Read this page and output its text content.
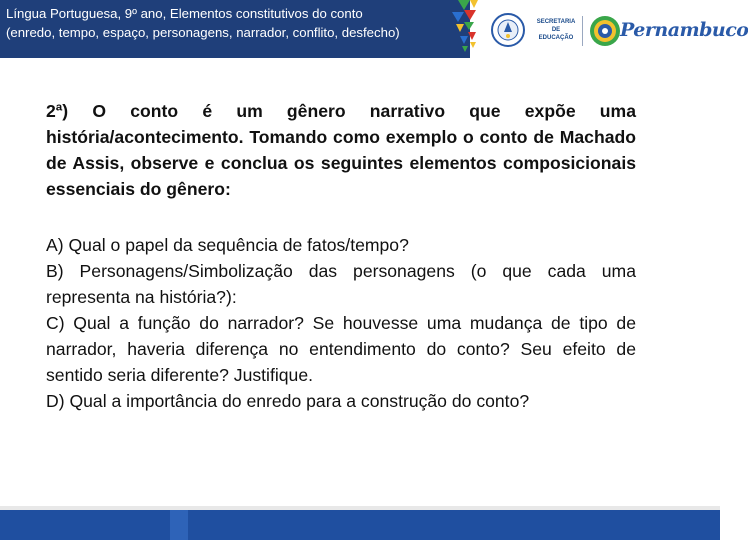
Língua Portuguesa, 9º ano, Elementos constitutivos do conto
(enredo, tempo, espaço, personagens, narrador, conflito, desfecho)
SECRETARIA DE EDUCAÇÃO Pernambuco
2ª) O conto é um gênero narrativo que expõe uma história/acontecimento. Tomando como exemplo o conto de Machado de Assis, observe e conclua os seguintes elementos composicionais essenciais do gênero:

A) Qual o papel da sequência de fatos/tempo?

B) Personagens/Simbolização das personagens (o que cada uma representa na história?):

C) Qual a função do narrador? Se houvesse uma mudança de tipo de narrador, haveria diferença no entendimento do conto? Seu efeito de sentido seria diferente? Justifique.

D) Qual a importância do enredo para a construção do conto?
